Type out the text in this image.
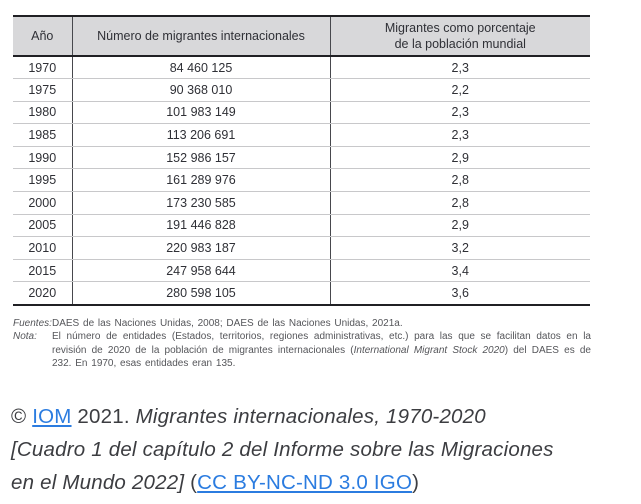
Año	Número de migrantes internacionales	Migrantes como porcentaje
de la población mundial

1970	84 460 125	2,3
1975	90 368 010	2,2
1980	101 983 149	2,3
1985	113 206 691	2,3
1990	152 986 157	2,9
1995	161 289 976	2,8
2000	173 230 585	2,8
2005	191 446 828	2,9
2010	220 983 187	3,2
2015	247 958 644	3,4
2020	280 598 105	3,6
Fuentes: DAES de las Naciones Unidas, 2008; DAES de las Naciones Unidas, 2021a.
Nota:	El número de entidades (Estados, territorios, regiones administrativas, etc.) para las que se facilitan datos en la revisión de 2020 de la población de migrantes internacionales (International Migrant Stock 2020) del DAES es de 232. En 1970, esas entidades eran 135.
© IOM 2021. Migrantes internacionales, 1970-2020
[Cuadro 1 del capítulo 2 del Informe sobre las Migraciones
en el Mundo 2022] (CC BY-NC-ND 3.0 IGO)
